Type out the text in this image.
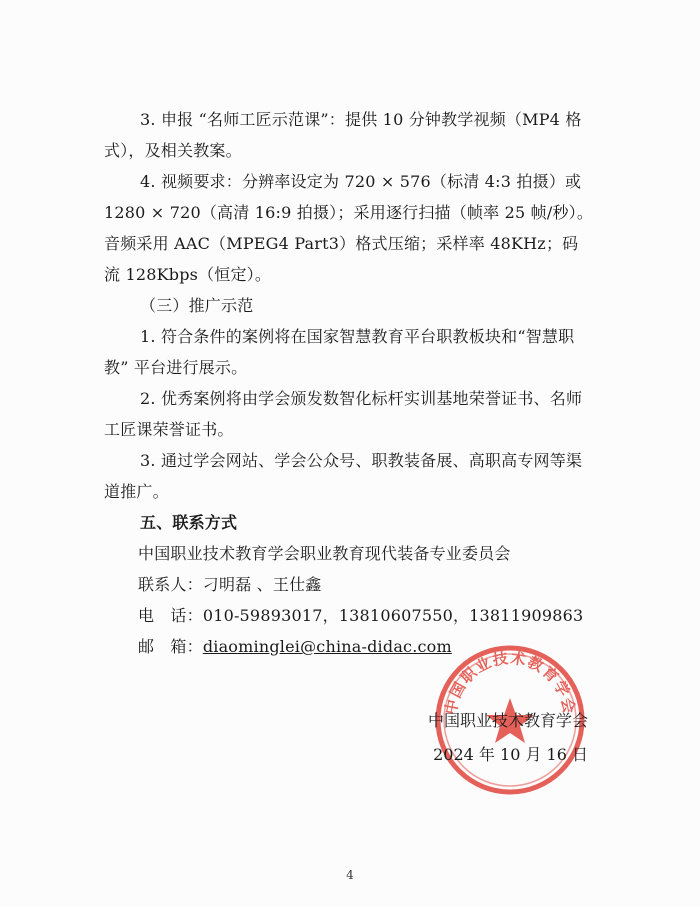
3. 申报 “名师工匠示范课”：提供 10 分钟教学视频（MP4 格式），及相关教案。

4. 视频要求：分辨率设定为 720 × 576（标清 4:3 拍摄）或 1280 × 720（高清 16:9 拍摄）；采用逐行扫描（帧率 25 帧/秒）。音频采用 AAC（MPEG4 Part3）格式压缩；采样率 48KHz；码流 128Kbps（恒定）。

（三）推广示范

1. 符合条件的案例将在国家智慧教育平台职教板块和“智慧职教” 平台进行展示。

2. 优秀案例将由学会颁发数智化标杆实训基地荣誉证书、名师工匠课荣誉证书。

3. 通过学会网站、学会公众号、职教装备展、高职高专网等渠道推广。

五、联系方式

中国职业技术教育学会职业教育现代装备专业委员会

联系人：刁明磊 、王仕鑫

电　话：010-59893017，13810607550，13811909863

邮　箱：diaominglei@china-didac.com

中国职业技术教育学会
中国职业技术教育学会
2024 年 10 月 16 日
4
